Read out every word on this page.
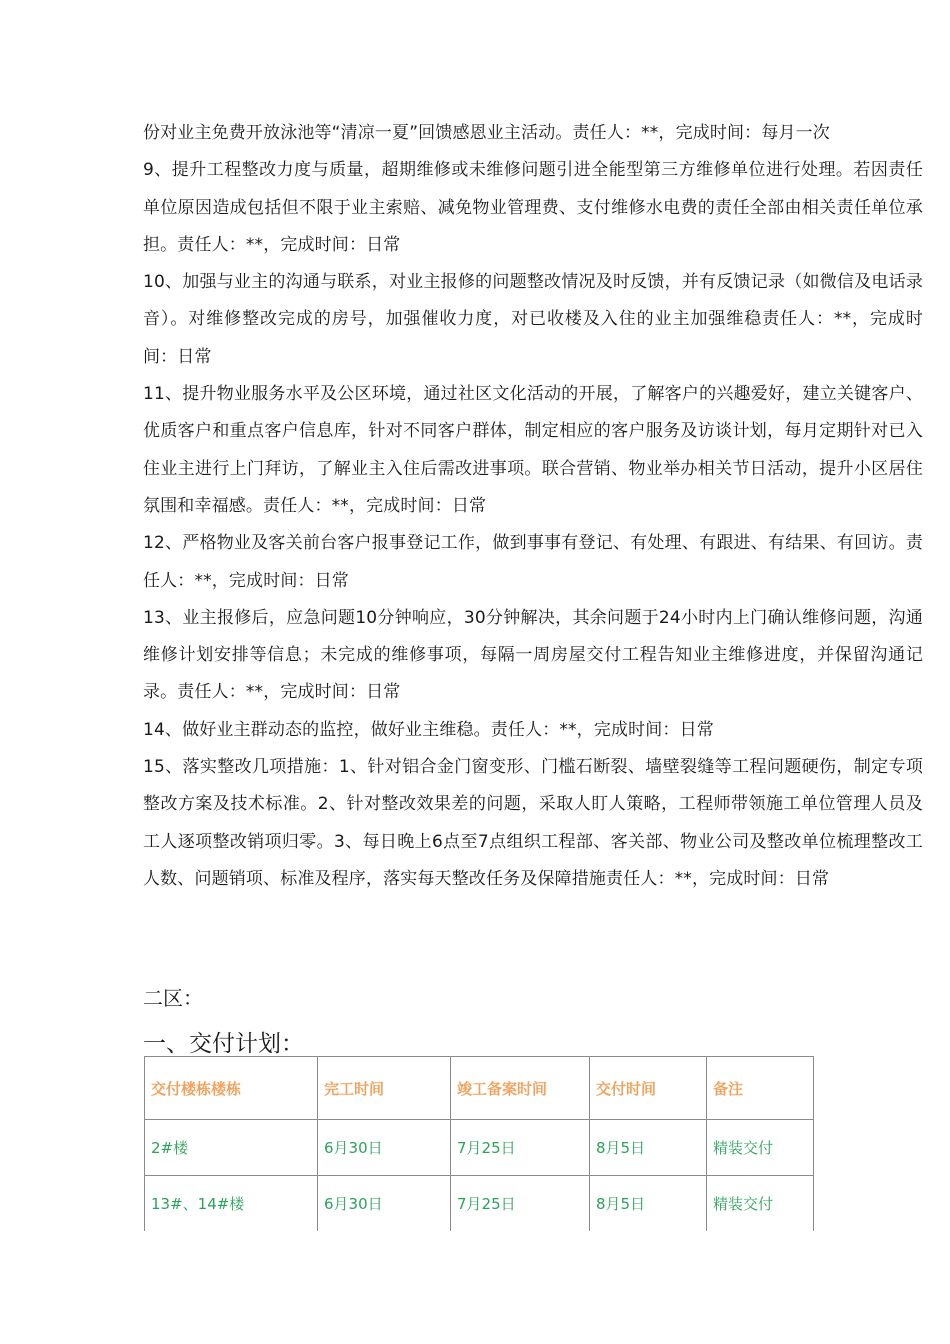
份对业主免费开放泳池等“清凉一夏”回馈感恩业主活动。责任人：**，完成时间：每月一次

9、提升工程整改力度与质量，超期维修或未维修问题引进全能型第三方维修单位进行处理。若因责任单位原因造成包括但不限于业主索赔、减免物业管理费、支付维修水电费的责任全部由相关责任单位承担。责任人：**，完成时间：日常

10、加强与业主的沟通与联系，对业主报修的问题整改情况及时反馈，并有反馈记录（如微信及电话录音）。对维修整改完成的房号，加强催收力度，对已收楼及入住的业主加强维稳责任人：**，完成时间：日常

11、提升物业服务水平及公区环境，通过社区文化活动的开展，了解客户的兴趣爱好，建立关键客户、优质客户和重点客户信息库，针对不同客户群体，制定相应的客户服务及访谈计划，每月定期针对已入住业主进行上门拜访，了解业主入住后需改进事项。联合营销、物业举办相关节日活动，提升小区居住氛围和幸福感。责任人：**，完成时间：日常

12、严格物业及客关前台客户报事登记工作，做到事事有登记、有处理、有跟进、有结果、有回访。责任人：**，完成时间：日常

13、业主报修后，应急问题10分钟响应，30分钟解决，其余问题于24小时内上门确认维修问题，沟通维修计划安排等信息；未完成的维修事项，每隔一周房屋交付工程告知业主维修进度，并保留沟通记录。责任人：**，完成时间：日常

14、做好业主群动态的监控，做好业主维稳。责任人：**，完成时间：日常

15、落实整改几项措施：1、针对铝合金门窗变形、门槛石断裂、墙壁裂缝等工程问题硬伤，制定专项整改方案及技术标准。2、针对整改效果差的问题，采取人盯人策略，工程师带领施工单位管理人员及工人逐项整改销项归零。3、每日晚上6点至7点组织工程部、客关部、物业公司及整改单位梳理整改工人数、问题销项、标准及程序，落实每天整改任务及保障措施责任人：**，完成时间：日常

二区：
一、交付计划：
交付楼栋楼栋	完工时间	竣工备案时间	交付时间	备注
2#楼	6月30日	7月25日	8月5日	精装交付
13#、14#楼	6月30日	7月25日	8月5日	精装交付
